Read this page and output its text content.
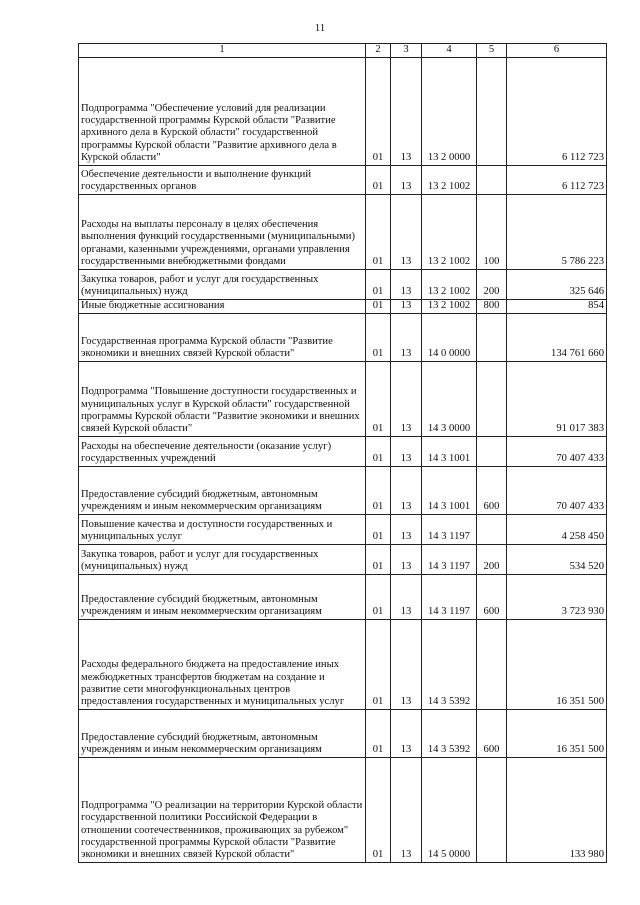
11
1	2	3	4	5	6
Подпрограмма "Обеспечение условий для реализации государственной программы Курской области "Развитие архивного дела в Курской области" государственной программы Курской области "Развитие архивного дела в Курской области"	01	13	13 2 0000		6 112 723
Обеспечение деятельности и выполнение функций государственных органов	01	13	13 2 1002		6 112 723
Расходы на выплаты персоналу в целях обеспечения выполнения функций государственными (муниципальными) органами, казенными учреждениями, органами управления государственными внебюджетными фондами	01	13	13 2 1002	100	5 786 223
Закупка товаров, работ и услуг для государственных (муниципальных) нужд	01	13	13 2 1002	200	325 646
Иные бюджетные ассигнования	01	13	13 2 1002	800	854
Государственная программа Курской области "Развитие экономики и внешних связей Курской области"	01	13	14 0 0000		134 761 660
Подпрограмма "Повышение доступности государственных и муниципальных услуг в Курской области" государственной программы Курской области "Развитие экономики и внешних связей Курской области"	01	13	14 3 0000		91 017 383
Расходы на обеспечение деятельности (оказание услуг) государственных учреждений	01	13	14 3 1001		70 407 433
Предоставление субсидий бюджетным, автономным учреждениям и иным некоммерческим организациям	01	13	14 3 1001	600	70 407 433
Повышение качества и доступности государственных и муниципальных услуг	01	13	14 3 1197		4 258 450
Закупка товаров, работ и услуг для государственных (муниципальных) нужд	01	13	14 3 1197	200	534 520
Предоставление субсидий бюджетным, автономным учреждениям и иным некоммерческим организациям	01	13	14 3 1197	600	3 723 930
Расходы федерального бюджета на предоставление иных межбюджетных трансфертов бюджетам на создание и развитие сети многофункциональных центров предоставления государственных и муниципальных услуг	01	13	14 3 5392		16 351 500
Предоставление субсидий бюджетным, автономным учреждениям и иным некоммерческим организациям	01	13	14 3 5392	600	16 351 500
Подпрограмма "О реализации на территории Курской области государственной политики Российской Федерации в отношении соотечественников, проживающих за рубежом" государственной программы Курской области "Развитие экономики и внешних связей Курской области"	01	13	14 5 0000		133 980
